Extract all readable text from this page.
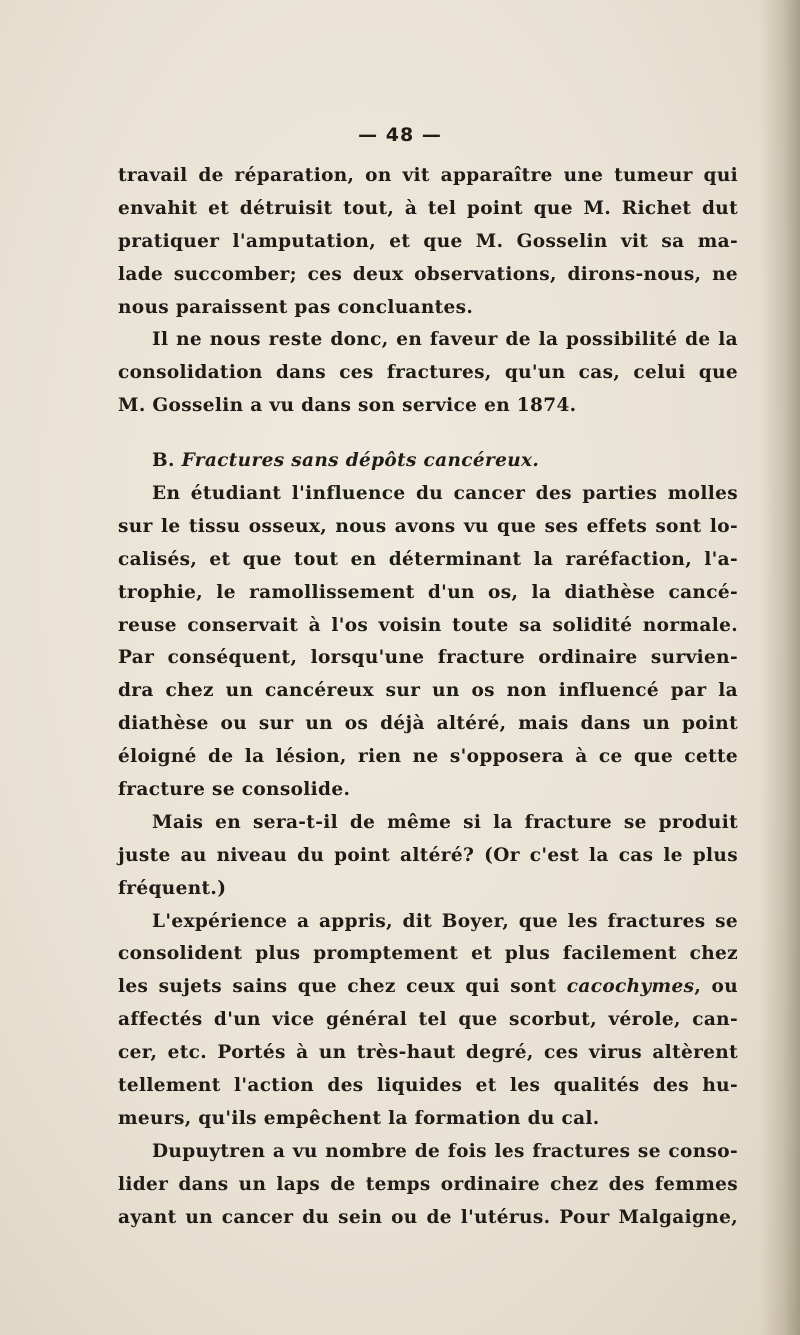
— 48 —
travail de réparation, on vit apparaître une tumeur qui
envahit et détruisit tout, à tel point que M. Richet dut
pratiquer l'amputation, et que M. Gosselin vit sa ma-
lade succomber; ces deux observations, dirons-nous, ne
nous paraissent pas concluantes.
Il ne nous reste donc, en faveur de la possibilité de la
consolidation dans ces fractures, qu'un cas, celui que
M. Gosselin a vu dans son service en 1874.
B. Fractures sans dépôts cancéreux.
En étudiant l'influence du cancer des parties molles
sur le tissu osseux, nous avons vu que ses effets sont lo-
calisés, et que tout en déterminant la raréfaction, l'a-
trophie, le ramollissement d'un os, la diathèse cancé-
reuse conservait à l'os voisin toute sa solidité normale.
Par conséquent, lorsqu'une fracture ordinaire survien-
dra chez un cancéreux sur un os non influencé par la
diathèse ou sur un os déjà altéré, mais dans un point
éloigné de la lésion, rien ne s'opposera à ce que cette
fracture se consolide.
Mais en sera-t-il de même si la fracture se produit
juste au niveau du point altéré? (Or c'est la cas le plus
fréquent.)
L'expérience a appris, dit Boyer, que les fractures se
consolident plus promptement et plus facilement chez
les sujets sains que chez ceux qui sont cacochymes, ou
affectés d'un vice général tel que scorbut, vérole, can-
cer, etc. Portés à un très-haut degré, ces virus altèrent
tellement l'action des liquides et les qualités des hu-
meurs, qu'ils empêchent la formation du cal.
Dupuytren a vu nombre de fois les fractures se conso-
lider dans un laps de temps ordinaire chez des femmes
ayant un cancer du sein ou de l'utérus. Pour Malgaigne,
